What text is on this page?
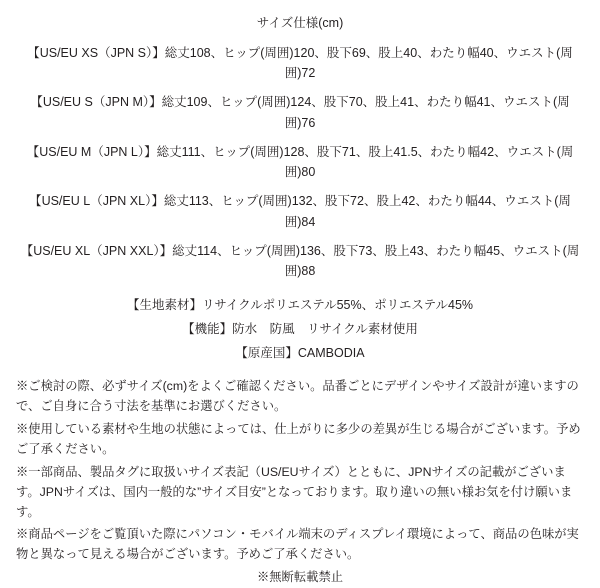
サイズ仕様(cm)
【US/EU XS（JPN S）】総丈108、ヒップ(周囲)120、股下69、股上40、わたり幅40、ウエスト(周囲)72
【US/EU S（JPN M）】総丈109、ヒップ(周囲)124、股下70、股上41、わたり幅41、ウエスト(周囲)76
【US/EU M（JPN L）】総丈111、ヒップ(周囲)128、股下71、股上41.5、わたり幅42、ウエスト(周囲)80
【US/EU L（JPN XL）】総丈113、ヒップ(周囲)132、股下72、股上42、わたり幅44、ウエスト(周囲)84
【US/EU XL（JPN XXL）】総丈114、ヒップ(周囲)136、股下73、股上43、わたり幅45、ウエスト(周囲)88
【生地素材】リサイクルポリエステル55%、ポリエステル45%
【機能】防水　防風　リサイクル素材使用
【原産国】CAMBODIA
※ご検討の際、必ずサイズ(cm)をよくご確認ください。品番ごとにデザインやサイズ設計が違いますので、ご自身に合う寸法を基準にお選びください。
※使用している素材や生地の状態によっては、仕上がりに多少の差異が生じる場合がございます。予めご了承ください。
※一部商品、製品タグに取扱いサイズ表記（US/EUサイズ）とともに、JPNサイズの記載がございます。JPNサイズは、国内一般的な”サイズ目安”となっております。取り違いの無い様お気を付け願います。
※商品ページをご覧頂いた際にパソコン・モバイル端末のディスプレイ環境によって、商品の色味が実物と異なって見える場合がございます。予めご了承ください。
※無断転載禁止
